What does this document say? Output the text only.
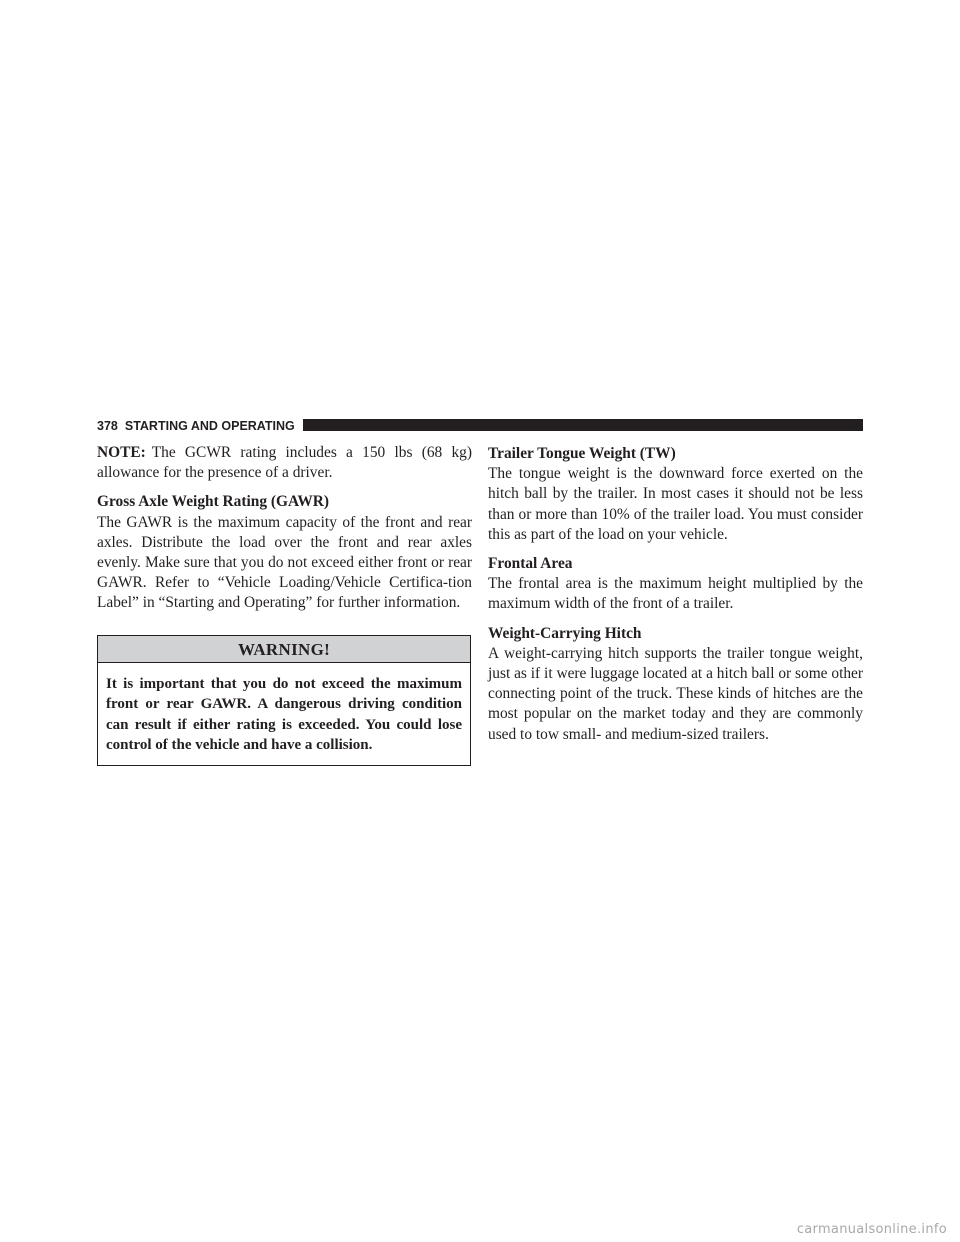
378 STARTING AND OPERATING

NOTE: The GCWR rating includes a 150 lbs (68 kg) allowance for the presence of a driver.

Gross Axle Weight Rating (GAWR)

The GAWR is the maximum capacity of the front and rear axles. Distribute the load over the front and rear axles evenly. Make sure that you do not exceed either front or rear GAWR. Refer to “Vehicle Loading/Vehicle Certifica-tion Label” in “Starting and Operating” for further information.

WARNING!
It is important that you do not exceed the maximum front or rear GAWR. A dangerous driving condition can result if either rating is exceeded. You could lose control of the vehicle and have a collision.

Trailer Tongue Weight (TW)

The tongue weight is the downward force exerted on the hitch ball by the trailer. In most cases it should not be less than or more than 10% of the trailer load. You must consider this as part of the load on your vehicle.

Frontal Area

The frontal area is the maximum height multiplied by the maximum width of the front of a trailer.

Weight-Carrying Hitch

A weight-carrying hitch supports the trailer tongue weight, just as if it were luggage located at a hitch ball or some other connecting point of the truck. These kinds of hitches are the most popular on the market today and they are commonly used to tow small- and medium-sized trailers.

carmanualsonline.info
